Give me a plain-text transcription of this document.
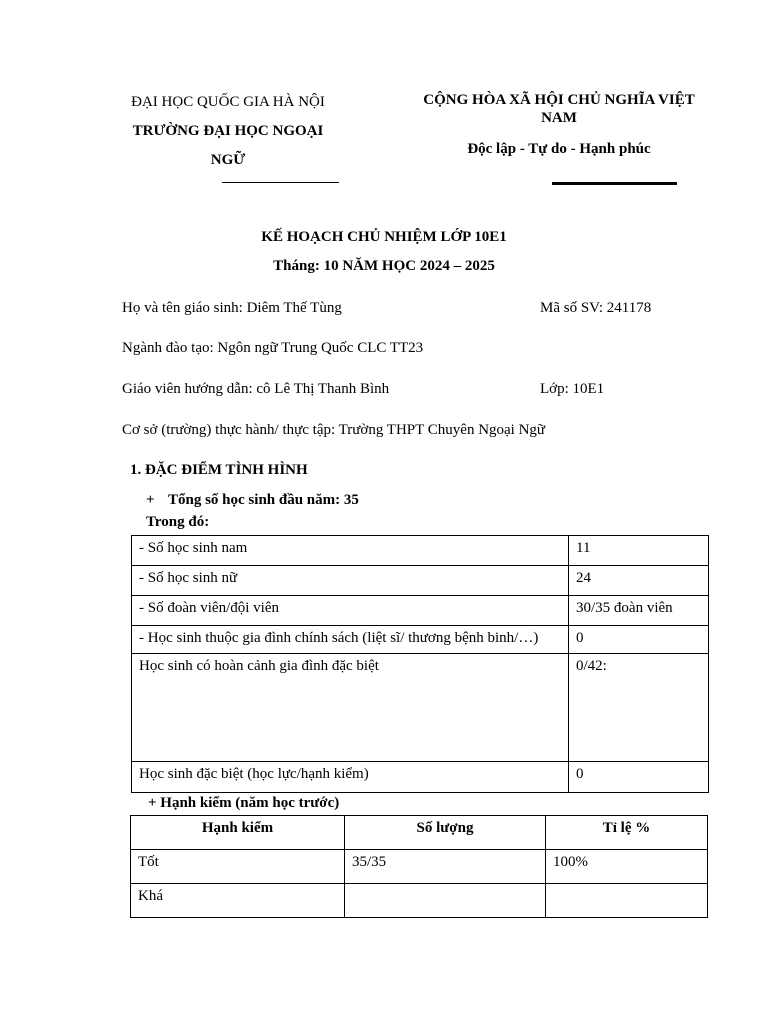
ĐẠI HỌC QUỐC GIA HÀ NỘI
TRƯỜNG ĐẠI HỌC NGOẠI
NGỮ
CỘNG HÒA XÃ HỘI CHỦ NGHĨA VIỆT
NAM
Độc lập - Tự do - Hạnh phúc
KẾ HOẠCH CHỦ NHIỆM LỚP 10E1
Tháng: 10 NĂM HỌC 2024 – 2025
Họ và tên giáo sinh: Diêm Thế Tùng	Mã số SV: 241178
Ngành đào tạo: Ngôn ngữ Trung Quốc CLC TT23
Giáo viên hướng dẫn: cô Lê Thị Thanh Bình	Lớp: 10E1
Cơ sở (trường) thực hành/ thực tập: Trường THPT Chuyên Ngoại Ngữ
1. ĐẶC ĐIỂM TÌNH HÌNH
+ Tổng số học sinh đầu năm: 35
Trong đó:
- Số học sinh nam	11
- Số học sinh nữ	24
- Số đoàn viên/đội viên	30/35 đoàn viên
- Học sinh thuộc gia đình chính sách (liệt sĩ/ thương bệnh binh/…)	0
Học sinh có hoàn cảnh gia đình đặc biệt	0/42:
Học sinh đặc biệt (học lực/hạnh kiểm)	0
+ Hạnh kiểm (năm học trước)
Hạnh kiểm	Số lượng	Tỉ lệ %
Tốt	35/35	100%
Khá		
